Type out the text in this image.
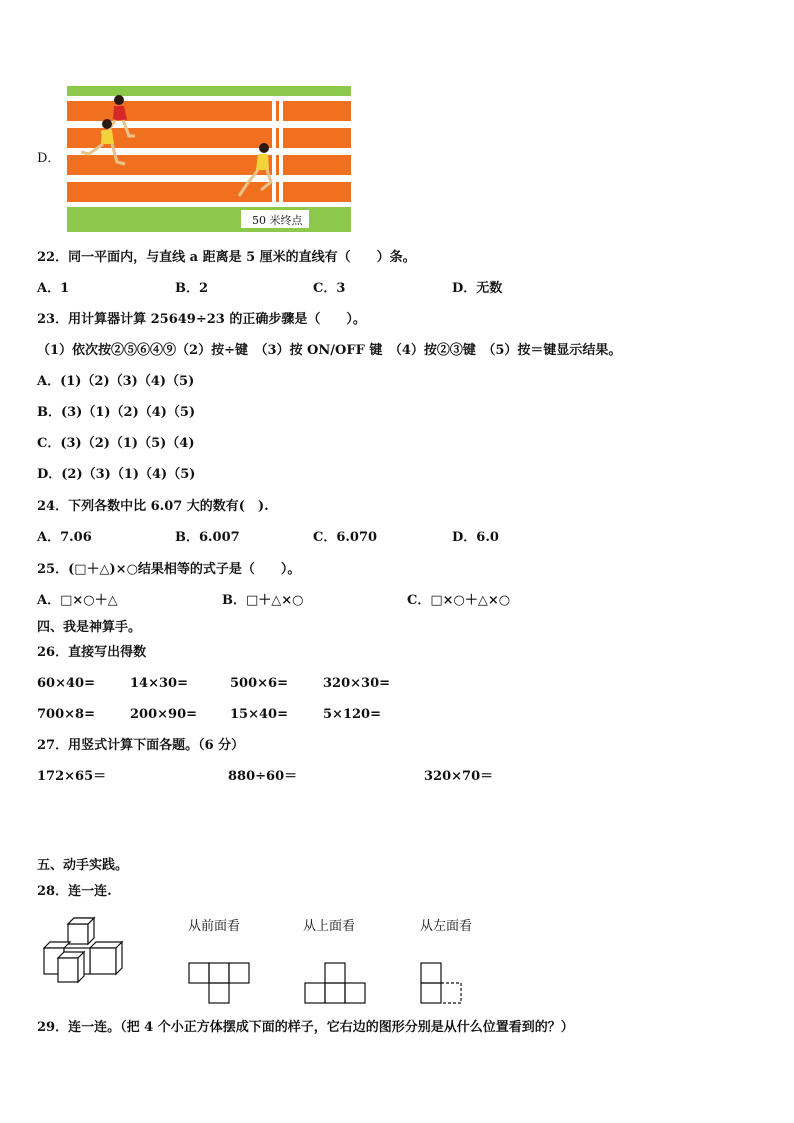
D．
50 米终点
22．同一平面内，与直线 a 距离是 5 厘米的直线有（　　）条。
A．1	B．2	C．3	D．无数
23．用计算器计算 25649÷23 的正确步骤是（　　）。
（1）依次按②⑤⑥④⑨（2）按÷键　（3）按 ON/OFF 键　（4）按②③键　（5）按＝键显示结果。
A．(1)（2)（3)（4)（5)
B．(3)（1)（2)（4)（5)
C．(3)（2)（1)（5)（4)
D．(2)（3)（1)（4)（5)
24．下列各数中比 6.07 大的数有(　).
A．7.06	B．6.007	C．6.070	D．6.0
25．(□＋△)×○结果相等的式子是（　　）。
A．□×○＋△	B．□＋△×○	C．□×○＋△×○
四、我是神算手。
26．直接写出得数
60×40=	14×30=	500×6=	320×30=
700×8=	200×90=	15×40=	5×120=
27．用竖式计算下面各题。（6 分）
172×65＝	880÷60＝	320×70＝
五、动手实践。
28．连一连.
从前面看	从上面看	从左面看
29．连一连。（把 4 个小正方体摆成下面的样子，它右边的图形分别是从什么位置看到的？）
